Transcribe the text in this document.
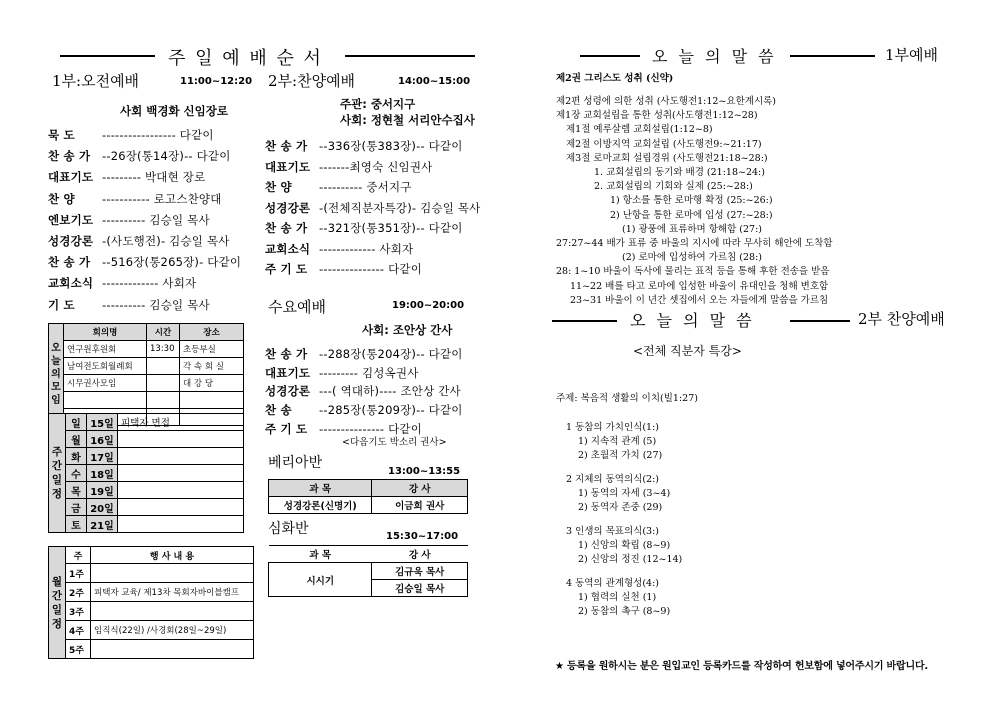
주 일 예 배 순 서
1부:오전예배	11:00~12:20
사회 백경화 신임장로
묵 도 ----------------- 다같이
찬 송 가 --26장(통14장)-- 다같이
대표기도 --------- 박대현 장로
찬 양 ----------- 로고스찬양대
엔보기도 ---------- 김승일 목사
성경강론 -(사도행전)- 김승일 목사
찬 송 가 --516장(통265장)- 다같이
교회소식 ------------- 사회자
기 도 ---------- 김승일 목사
2부:찬양예배	14:00~15:00
주관: 중서지구
사회: 정현철 서리안수집사
찬 송 가 --336장(통383장)-- 다같이
대표기도 -------최영숙 신임권사
찬 양 ---------- 중서지구
성경강론 -(전체직분자특강)- 김승일 목사
찬 송 가 --321장(통351장)-- 다같이
교회소식 ------------- 사회자
주 기 도 --------------- 다같이
수요예배	19:00~20:00
사회: 조안상 간사
찬 송 가 --288장(통204장)-- 다같이
대표기도 --------- 김성옥권사
성경강론 ---( 역대하)---- 조안상 간사
찬 송 --285장(통209장)-- 다같이
주 기 도 --------------- 다같이
<다음기도 박소리 권사>
베리아반
13:00~13:55
과 목	강 사
성경강론(신명기)	이금희 권사
심화반	15:30~17:00
과 목	강 사
시시기	김규욱 목사
	김승일 목사
오늘의모임	회의명	시간	장소
	연구원후원회	13:30	초등부실
	남여전도회월례회		각 속 회 실
	시무권사모임		대 강 당

주간일정	일	15일	피택자 면접
	월	16일	
	화	17일	
	수	18일	
	목	19일	
	금	20일	
	토	21일	
월간일정	주	행 사 내 용
	1주	
	2주	피택자 교육/ 제13차 목회자바이블캠프
	3주	
	4주	임직식(22일) /사경회(28일~29일)
	5주	
오 늘 의 말 씀	1부예배
제2권 그리스도 성취 (신약)
제2편 성령에 의한 성취 (사도행전1:12~요한계시록)
제1장 교회설립을 통한 성취(사도행전1:12~28)
제1절 예루살렘 교회설립(1:12~8)
제2절 이방지역 교회설립 (사도행전9:~21:17)
제3절 로마교회 설립경위 (사도행전21:18~28:)
1. 교회설립의 동기와 배경 (21:18~24:)
2. 교회설립의 기회와 실제 (25:~28:)
1) 항소를 통한 로마행 확정 (25:~26:)
2) 난항을 통한 로마에 입성 (27:~28:)
(1) 광풍에 표류하며 항해함 (27:)
27:27~44 배가 표류 중 바울의 지시에 따라 무사히 해안에 도착함
(2) 로마에 입성하여 가르침 (28:)
28: 1~10 바울이 독사에 물리는 표적 등을 통해 후한 전송을 받음
11~22 배를 타고 로마에 입성한 바울이 유대인을 청해 변호함
23~31 바울이 이 년간 셋집에서 오는 자들에게 말씀을 가르침
오 늘 의 말 씀	2부 찬양예배
<전체 직분자 특강>
주제: 복음적 생활의 이치(빌1:27)
1 동참의 가치인식(1:)
1) 지속적 관계 (5)
2) 초월적 가치 (27)
2 지체의 동역의식(2:)
1) 동역의 자세 (3~4)
2) 동역자 존중 (29)
3 인생의 목표의식(3:)
1) 신앙의 확립 (8~9)
2) 신앙의 정진 (12~14)
4 동역의 관계형성(4:)
1) 협력의 실천 (1)
2) 동참의 촉구 (8~9)
★ 등록을 원하시는 분은 원입교인 등록카드를 작성하여 헌보함에 넣어주시기 바랍니다.
